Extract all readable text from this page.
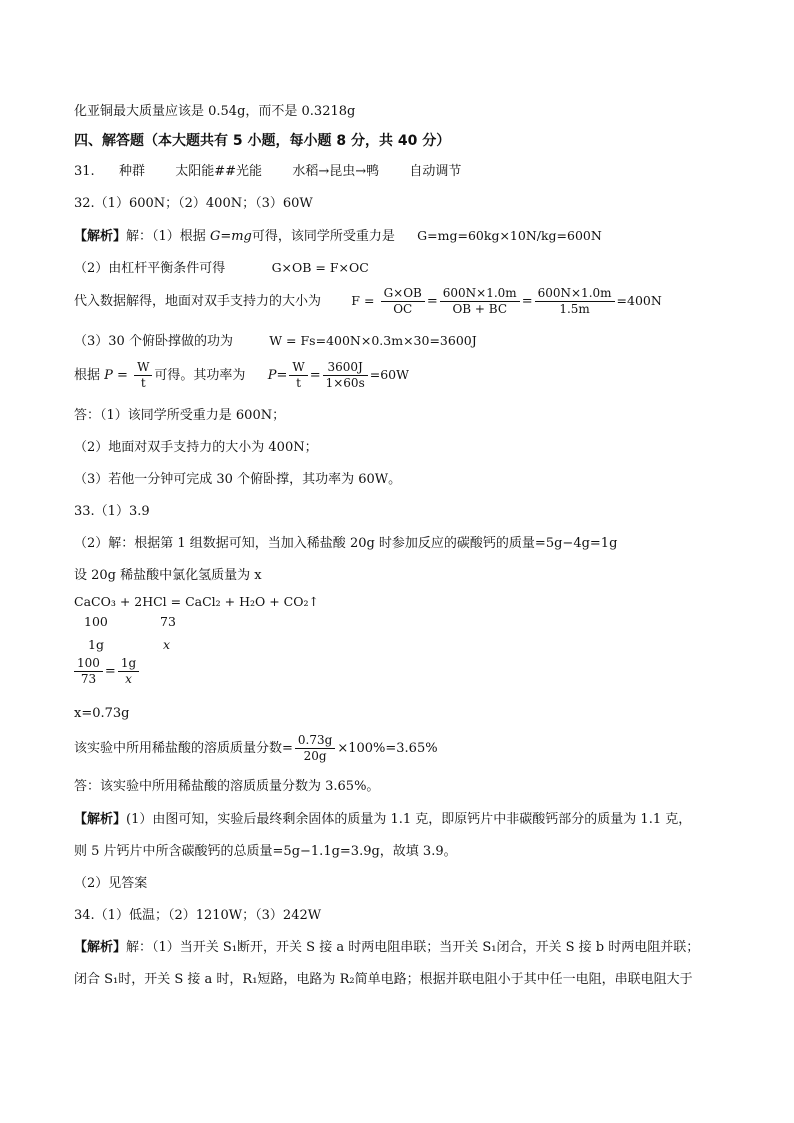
化亚铜最大质量应该是 0.54g，而不是 0.3218g
四、解答题（本大题共有 5 小题，每小题 8 分，共 40 分）
31. 种群 太阳能##光能 水稻→昆虫→鸭 自动调节
32.（1）600N；（2）400N；（3）60W
【解析】解：（1）根据 G=mg可得，该同学所受重力是 G=mg=60kg×10N/kg=600N
（2）由杠杆平衡条件可得	G×OB = F×OC
代入数据解得，地面对双手支持力的大小为 $F = \frac{G\times OB}{OC} = \frac{600N\times 1.0m}{OB + BC} = \frac{600N\times 1.0m}{1.5m} =400N$
（3）30 个俯卧撑做的功为	W = Fs=400N×0.3m×30=3600J
根据 $P = \frac{W}{t}$ 可得。其功率为 $P= \frac{W}{t} = \frac{3600J}{1\times 60s} =60W$
答：（1）该同学所受重力是 600N；
（2）地面对双手支持力的大小为 400N；
（3）若他一分钟可完成 30 个俯卧撑，其功率为 60W。
33.（1）3.9
（2）解：根据第 1 组数据可知，当加入稀盐酸 20g 时参加反应的碳酸钙的质量=5g−4g=1g
设 20g 稀盐酸中氯化氢质量为 x
CaCO₃ + 2HCl = CaCl₂ + H₂O + CO₂↑
100	73
1g	x
$\frac{100}{73} = \frac{1g}{x}$
x=0.73g
该实验中所用稀盐酸的溶质质量分数= $\frac{0.73g}{20g} \times 100\%=3.65\%$
答：该实验中所用稀盐酸的溶质质量分数为 3.65%。
【解析】(1）由图可知，实验后最终剩余固体的质量为 1.1 克，即原钙片中非碳酸钙部分的质量为 1.1 克，
则 5 片钙片中所含碳酸钙的总质量=5g−1.1g=3.9g，故填 3.9。
（2）见答案
34.（1）低温；（2）1210W；（3）242W
【解析】解：（1）当开关 S₁断开，开关 S 接 a 时两电阻串联；当开关 S₁闭合，开关 S 接 b 时两电阻并联；
闭合 S₁时，开关 S 接 a 时，R₁短路，电路为 R₂简单电路；根据并联电阻小于其中任一电阻，串联电阻大于
